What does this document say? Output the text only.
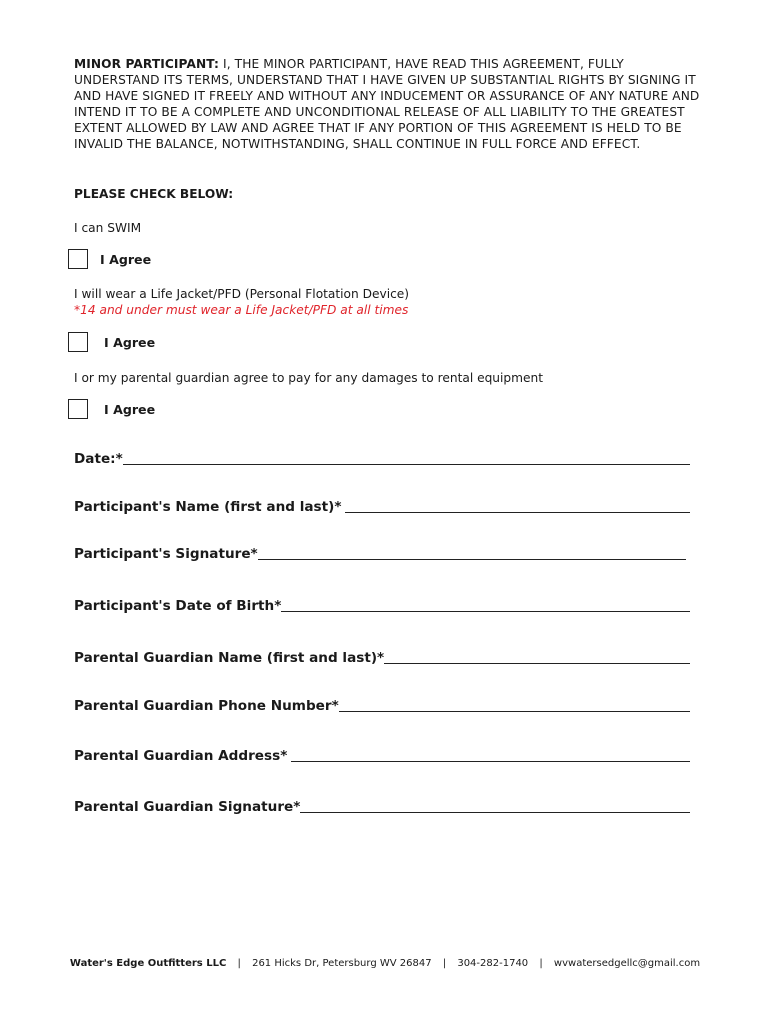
MINOR PARTICIPANT: I, THE MINOR PARTICIPANT, HAVE READ THIS AGREEMENT, FULLY UNDERSTAND ITS TERMS, UNDERSTAND THAT I HAVE GIVEN UP SUBSTANTIAL RIGHTS BY SIGNING IT AND HAVE SIGNED IT FREELY AND WITHOUT ANY INDUCEMENT OR ASSURANCE OF ANY NATURE AND INTEND IT TO BE A COMPLETE AND UNCONDITIONAL RELEASE OF ALL LIABILITY TO THE GREATEST EXTENT ALLOWED BY LAW AND AGREE THAT IF ANY PORTION OF THIS AGREEMENT IS HELD TO BE INVALID THE BALANCE, NOTWITHSTANDING, SHALL CONTINUE IN FULL FORCE AND EFFECT.

PLEASE CHECK BELOW:

I can SWIM

I Agree

I will wear a Life Jacket/PFD (Personal Flotation Device)

*14 and under must wear a Life Jacket/PFD at all times

I Agree

I or my parental guardian agree to pay for any damages to rental equipment

I Agree
Date:*
Participant's Name (first and last)*
Participant's Signature*
Participant's Date of Birth*
Parental Guardian Name (first and last)*
Parental Guardian Phone Number*
Parental Guardian Address*
Parental Guardian Signature*
Water's Edge Outfitters LLC | 261 Hicks Dr, Petersburg WV 26847 | 304-282-1740 | wvwatersedgellc@gmail.com
